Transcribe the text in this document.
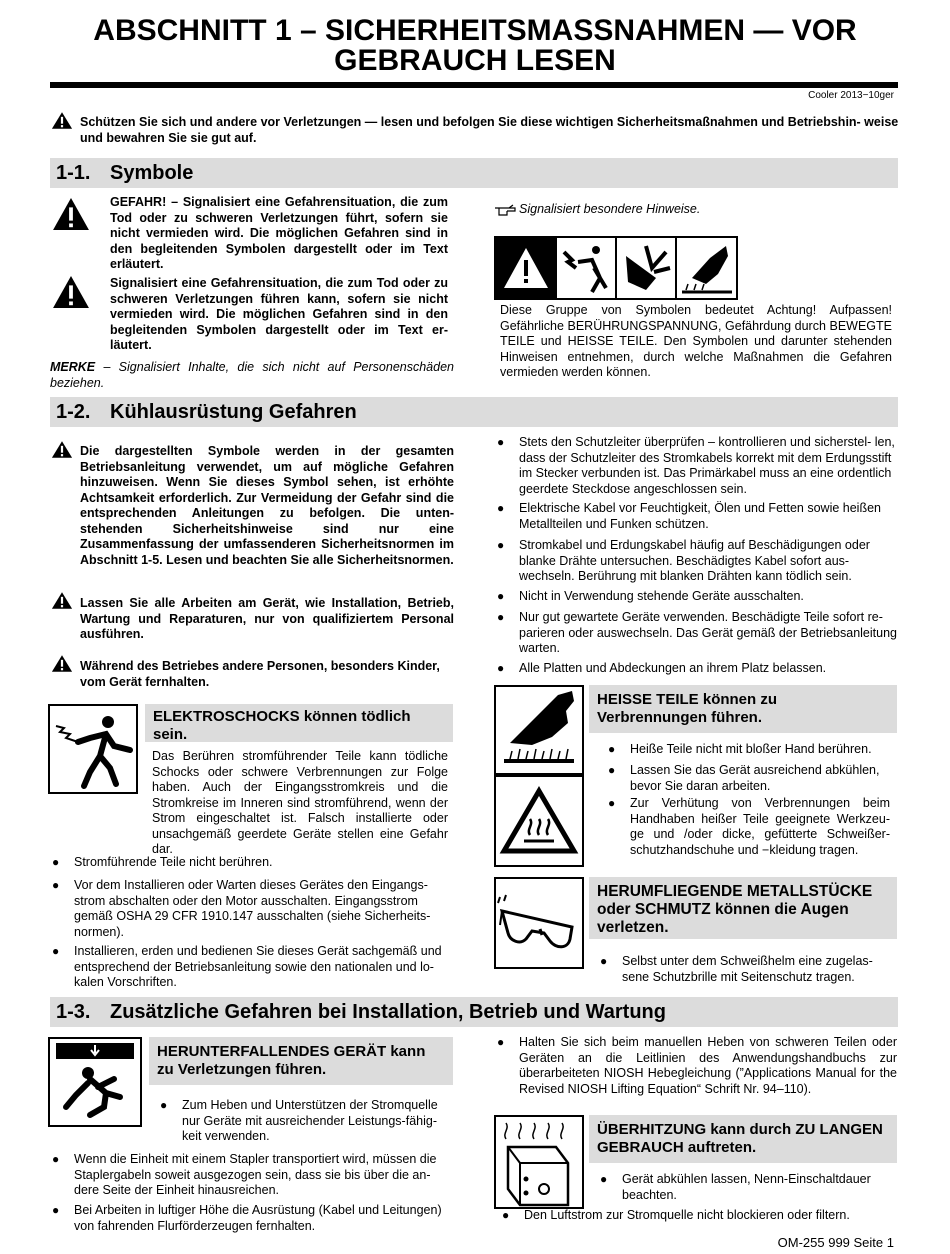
ABSCHNITT 1 – SICHERHEITSMASSNAHMEN — VOR
GEBRAUCH LESEN
Cooler 2013−10ger
Schützen Sie sich und andere vor Verletzungen — lesen und befolgen Sie diese wichtigen Sicherheitsmaßnahmen und Betriebshin- weise und bewahren Sie sie gut auf.
1-1. Symbole
GEFAHR! – Signalisiert eine Gefahrensituation, die zum Tod oder zu schweren Verletzungen führt, sofern sie nicht vermieden wird. Die möglichen Gefahren sind in den begleitenden Symbolen dargestellt oder im Text erläutert.
Signalisiert eine Gefahrensituation, die zum Tod oder zu schweren Verletzungen führen kann, sofern sie nicht vermieden wird. Die möglichen Gefahren sind in den begleitenden Symbolen dargestellt oder im Text er- läutert.
MERKE – Signalisiert Inhalte, die sich nicht auf Personenschäden beziehen.
Signalisiert besondere Hinweise.
Diese Gruppe von Symbolen bedeutet Achtung! Aufpassen! Gefährliche BERÜHRUNGSPANNUNG, Gefährdung durch BEWEGTE TEILE und HEISSE TEILE. Den Symbolen und darunter stehenden Hinweisen entnehmen, durch welche Maßnahmen die Gefahren vermieden werden können.
1-2. Kühlausrüstung Gefahren
Die dargestellten Symbole werden in der gesamten Betriebsanleitung verwendet, um auf mögliche Gefahren hinzuweisen. Wenn Sie dieses Symbol sehen, ist erhöhte Achtsamkeit erforderlich. Zur Vermeidung der Gefahr sind die entsprechenden Anleitungen zu befolgen. Die unten- stehenden Sicherheitshinweise sind nur eine Zusammenfassung der umfassenderen Sicherheitsnormen im Abschnitt 1-5. Lesen und beachten Sie alle Sicherheitsnormen.
Lassen Sie alle Arbeiten am Gerät, wie Installation, Betrieb, Wartung und Reparaturen, nur von qualifiziertem Personal ausführen.
Während des Betriebes andere Personen, besonders Kinder, vom Gerät fernhalten.
ELEKTROSCHOCKS können tödlich sein.
Das Berühren stromführender Teile kann tödliche Schocks oder schwere Verbrennungen zur Folge haben. Auch der Eingangsstromkreis und die Stromkreise im Inneren sind stromführend, wenn der Strom eingeschaltet ist. Falsch installierte oder unsachgemäß geerdete Geräte stellen eine Gefahr dar.
●	Stromführende Teile nicht berühren.
●	Vor dem Installieren oder Warten dieses Gerätes den Eingangs- strom abschalten oder den Motor ausschalten. Eingangsstrom gemäß OSHA 29 CFR 1910.147 ausschalten (siehe Sicherheits- normen).
●	Installieren, erden und bedienen Sie dieses Gerät sachgemäß und entsprechend der Betriebsanleitung sowie den nationalen und lo- kalen Vorschriften.
●	Stets den Schutzleiter überprüfen – kontrollieren und sicherstel- len, dass der Schutzleiter des Stromkabels korrekt mit dem Erdungsstift im Stecker verbunden ist. Das Primärkabel muss an eine ordentlich geerdete Steckdose angeschlossen sein.
●	Elektrische Kabel vor Feuchtigkeit, Ölen und Fetten sowie heißen Metallteilen und Funken schützen.
●	Stromkabel und Erdungskabel häufig auf Beschädigungen oder blanke Drähte untersuchen. Beschädigtes Kabel sofort aus- wechseln. Berührung mit blanken Drähten kann tödlich sein.
●	Nicht in Verwendung stehende Geräte ausschalten.
●	Nur gut gewartete Geräte verwenden. Beschädigte Teile sofort re- parieren oder auswechseln. Das Gerät gemäß der Betriebsanleitung warten.
●	Alle Platten und Abdeckungen an ihrem Platz belassen.
HEISSE TEILE können zu Verbrennungen führen.
●	Heiße Teile nicht mit bloßer Hand berühren.
●	Lassen Sie das Gerät ausreichend abkühlen, bevor Sie daran arbeiten.
●	Zur Verhütung von Verbrennungen beim Handhaben heißer Teile geeignete Werkzeu- ge und /oder dicke, gefütterte Schweißer- schutzhandschuhe und −kleidung tragen.
HERUMFLIEGENDE METALLSTÜCKE oder SCHMUTZ können die Augen verletzen.
●	Selbst unter dem Schweißhelm eine zugelas- sene Schutzbrille mit Seitenschutz tragen.
1-3. Zusätzliche Gefahren bei Installation, Betrieb und Wartung
HERUNTERFALLENDES GERÄT kann zu Verletzungen führen.
●	Zum Heben und Unterstützen der Stromquelle nur Geräte mit ausreichender Leistungs-fähig- keit verwenden.
●	Wenn die Einheit mit einem Stapler transportiert wird, müssen die Staplergabeln soweit ausgezogen sein, dass sie bis über die an- dere Seite der Einheit hinausreichen.
●	Bei Arbeiten in luftiger Höhe die Ausrüstung (Kabel und Leitungen) von fahrenden Flurförderzeugen fernhalten.
●	Halten Sie sich beim manuellen Heben von schweren Teilen oder Geräten an die Leitlinien des Anwendungshandbuchs zur überarbeiteten NIOSH Hebegleichung (”Applications Manual for the Revised NIOSH Lifting Equation“ Schrift Nr. 94–110).
ÜBERHITZUNG kann durch ZU LANGEN GEBRAUCH auftreten.
●	Gerät abkühlen lassen, Nenn-Einschaltdauer beachten.
●	Den Luftstrom zur Stromquelle nicht blockieren oder filtern.
OM-255 999 Seite 1
